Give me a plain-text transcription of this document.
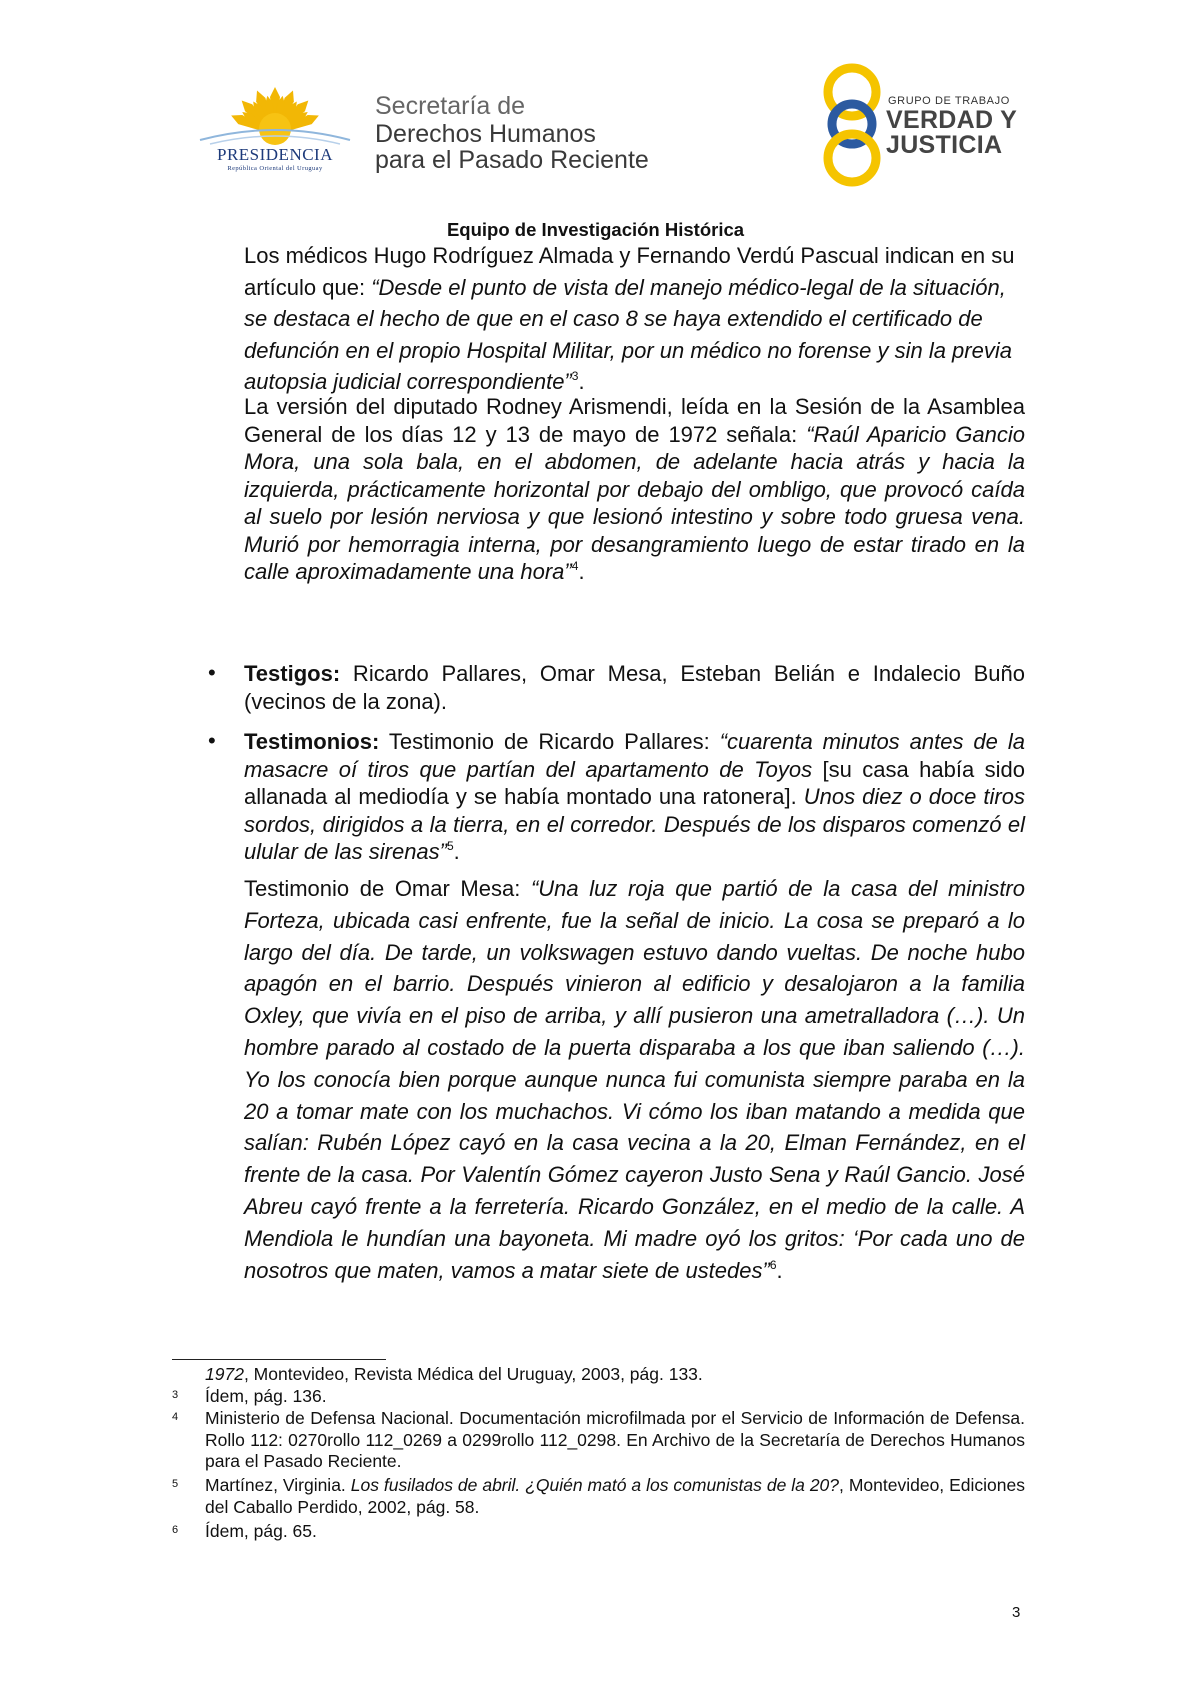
PRESIDENCIA
República Oriental del Uruguay
Secretaría de
Derechos Humanos
para el Pasado Reciente
GRUPO DE TRABAJO
VERDAD Y
JUSTICIA
Equipo de Investigación Histórica
Los médicos Hugo Rodríguez Almada y Fernando Verdú Pascual indican en su artículo que: “Desde el punto de vista del manejo médico-legal de la situación, se destaca el hecho de que en el caso 8 se haya extendido el certificado de defunción en el propio Hospital Militar, por un médico no forense y sin la previa autopsia judicial correspondiente”$^3$.
La versión del diputado Rodney Arismendi, leída en la Sesión de la Asamblea General de los días 12 y 13 de mayo de 1972 señala: “Raúl Aparicio Gancio Mora, una sola bala, en el abdomen, de adelante hacia atrás y hacia la izquierda, prácticamente horizontal por debajo del ombligo, que provocó caída al suelo por lesión nerviosa y que lesionó intestino y sobre todo gruesa vena. Murió por hemorragia interna, por desangramiento luego de estar tirado en la calle aproximadamente una hora”$^4$.
• Testigos: Ricardo Pallares, Omar Mesa, Esteban Belián e Indalecio Buño (vecinos de la zona).
• Testimonios: Testimonio de Ricardo Pallares: “cuarenta minutos antes de la masacre oí tiros que partían del apartamento de Toyos [su casa había sido allanada al mediodía y se había montado una ratonera]. Unos diez o doce tiros sordos, dirigidos a la tierra, en el corredor. Después de los disparos comenzó el ulular de las sirenas”$^5$.
Testimonio de Omar Mesa: “Una luz roja que partió de la casa del ministro Forteza, ubicada casi enfrente, fue la señal de inicio. La cosa se preparó a lo largo del día. De tarde, un volkswagen estuvo dando vueltas. De noche hubo apagón en el barrio. Después vinieron al edificio y desalojaron a la familia Oxley, que vivía en el piso de arriba, y allí pusieron una ametralladora (…). Un hombre parado al costado de la puerta disparaba a los que iban saliendo (…). Yo los conocía bien porque aunque nunca fui comunista siempre paraba en la 20 a tomar mate con los muchachos. Vi cómo los iban matando a medida que salían: Rubén López cayó en la casa vecina a la 20, Elman Fernández, en el frente de la casa. Por Valentín Gómez cayeron Justo Sena y Raúl Gancio. José Abreu cayó frente a la ferretería. Ricardo González, en el medio de la calle. A Mendiola le hundían una bayoneta. Mi madre oyó los gritos: ‘Por cada uno de nosotros que maten, vamos a matar siete de ustedes”$^6$.
1972, Montevideo, Revista Médica del Uruguay, 2003, pág. 133.
3 Ídem, pág. 136.
4 Ministerio de Defensa Nacional. Documentación microfilmada por el Servicio de Información de Defensa. Rollo 112: 0270rollo 112_0269 a 0299rollo 112_0298. En Archivo de la Secretaría de Derechos Humanos para el Pasado Reciente.
5 Martínez, Virginia. Los fusilados de abril. ¿Quién mató a los comunistas de la 20?, Montevideo, Ediciones del Caballo Perdido, 2002, pág. 58.
6 Ídem, pág. 65.
3
